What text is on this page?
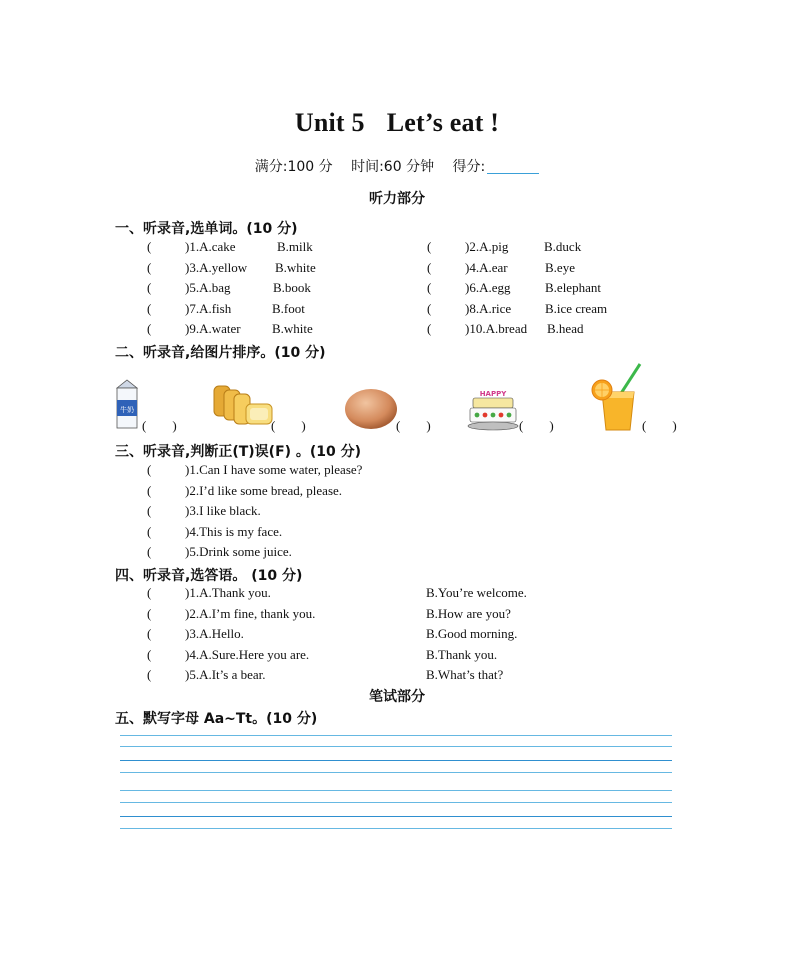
Unit 5 Let’s eat !
满分:100 分 时间:60 分钟 得分:
听力部分
一、听录音,选单词。(10 分)
(	)1.A.cake	B.milk	(	)2.A.pig	B.duck
(	)3.A.yellow B.white	(	)4.A.ear	B.eye
(	)5.A.bag	B.book	(	)6.A.egg	B.elephant
(	)7.A.fish	B.foot	(	)8.A.rice	B.ice cream
(	)9.A.water B.white	(	)10.A.bread B.head
二、听录音,给图片排序。(10 分)
牛奶
( )	( )	( )
HAPPY
( )	( )
三、听录音,判断正(T)误(F) 。(10 分)
(	)1.Can I have some water, please?
(	)2.I’d like some bread, please.
(	)3.I like black.
(	)4.This is my face.
(	)5.Drink some juice.
四、听录音,选答语。 (10 分)
(	)1.A.Thank you.	B.You’re welcome.
(	)2.A.I’m fine, thank you.	B.How are you?
(	)3.A.Hello.	B.Good morning.
(	)4.A.Sure.Here you are.	B.Thank you.
(	)5.A.It’s a bear.	B.What’s that?
笔试部分
五、默写字母 Aa~Tt。(10 分)
